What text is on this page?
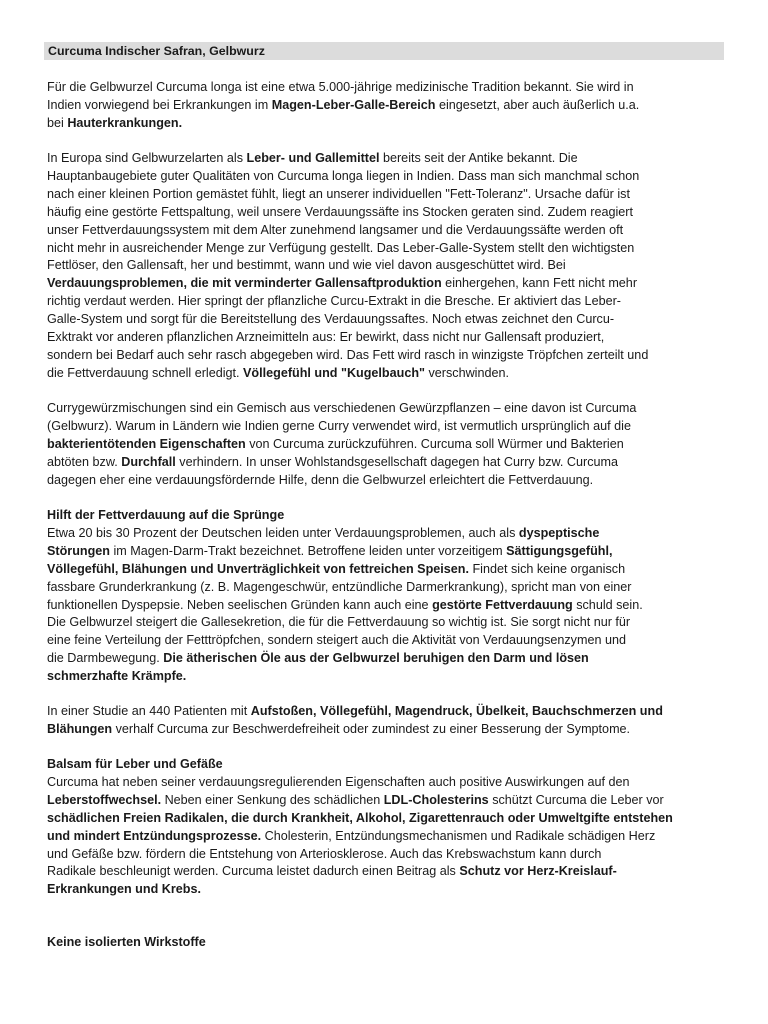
Curcuma Indischer Safran, Gelbwurz
Für die Gelbwurzel Curcuma longa ist eine etwa 5.000-jährige medizinische Tradition bekannt. Sie wird in
Indien vorwiegend bei Erkrankungen im Magen-Leber-Galle-Bereich eingesetzt, aber auch äußerlich u.a.
bei Hauterkrankungen.
In Europa sind Gelbwurzelarten als Leber- und Gallemittel bereits seit der Antike bekannt. Die
Hauptanbaugebiete guter Qualitäten von Curcuma longa liegen in Indien. Dass man sich manchmal schon
nach einer kleinen Portion gemästet fühlt, liegt an unserer individuellen "Fett-Toleranz". Ursache dafür ist
häufig eine gestörte Fettspaltung, weil unsere Verdauungssäfte ins Stocken geraten sind. Zudem reagiert
unser Fettverdauungssystem mit dem Alter zunehmend langsamer und die Verdauungssäfte werden oft
nicht mehr in ausreichender Menge zur Verfügung gestellt. Das Leber-Galle-System stellt den wichtigsten
Fettlöser, den Gallensaft, her und bestimmt, wann und wie viel davon ausgeschüttet wird. Bei
Verdauungsproblemen, die mit verminderter Gallensaftproduktion einhergehen, kann Fett nicht mehr
richtig verdaut werden. Hier springt der pflanzliche Curcu-Extrakt in die Bresche. Er aktiviert das Leber-
Galle-System und sorgt für die Bereitstellung des Verdauungssaftes. Noch etwas zeichnet den Curcu-
Exktrakt vor anderen pflanzlichen Arzneimitteln aus: Er bewirkt, dass nicht nur Gallensaft produziert,
sondern bei Bedarf auch sehr rasch abgegeben wird. Das Fett wird rasch in winzigste Tröpfchen zerteilt und
die Fettverdauung schnell erledigt. Völlegefühl und "Kugelbauch" verschwinden.
Currygewürzmischungen sind ein Gemisch aus verschiedenen Gewürzpflanzen – eine davon ist Curcuma
(Gelbwurz). Warum in Ländern wie Indien gerne Curry verwendet wird, ist vermutlich ursprünglich auf die
bakterientötenden Eigenschaften von Curcuma zurückzuführen. Curcuma soll Würmer und Bakterien
abtöten bzw. Durchfall verhindern. In unser Wohlstandsgesellschaft dagegen hat Curry bzw. Curcuma
dagegen eher eine verdauungsfördernde Hilfe, denn die Gelbwurzel erleichtert die Fettverdauung.
Hilft der Fettverdauung auf die Sprünge
Etwa 20 bis 30 Prozent der Deutschen leiden unter Verdauungsproblemen, auch als dyspeptische
Störungen im Magen-Darm-Trakt bezeichnet. Betroffene leiden unter vorzeitigem Sättigungsgefühl,
Völlegefühl, Blähungen und Unverträglichkeit von fettreichen Speisen. Findet sich keine organisch
fassbare Grunderkrankung (z. B. Magengeschwür, entzündliche Darmerkrankung), spricht man von einer
funktionellen Dyspepsie. Neben seelischen Gründen kann auch eine gestörte Fettverdauung schuld sein.
Die Gelbwurzel steigert die Gallesekretion, die für die Fettverdauung so wichtig ist. Sie sorgt nicht nur für
eine feine Verteilung der Fetttröpfchen, sondern steigert auch die Aktivität von Verdauungsenzymen und
die Darmbewegung. Die ätherischen Öle aus der Gelbwurzel beruhigen den Darm und lösen
schmerzhafte Krämpfe.
In einer Studie an 440 Patienten mit Aufstoßen, Völlegefühl, Magendruck, Übelkeit, Bauchschmerzen und
Blähungen verhalf Curcuma zur Beschwerdefreiheit oder zumindest zu einer Besserung der Symptome.
Balsam für Leber und Gefäße
Curcuma hat neben seiner verdauungsregulierenden Eigenschaften auch positive Auswirkungen auf den
Leberstoffwechsel. Neben einer Senkung des schädlichen LDL-Cholesterins schützt Curcuma die Leber vor
schädlichen Freien Radikalen, die durch Krankheit, Alkohol, Zigarettenrauch oder Umweltgifte entstehen
und mindert Entzündungsprozesse. Cholesterin, Entzündungsmechanismen und Radikale schädigen Herz
und Gefäße bzw. fördern die Entstehung von Arteriosklerose. Auch das Krebswachstum kann durch
Radikale beschleunigt werden. Curcuma leistet dadurch einen Beitrag als Schutz vor Herz-Kreislauf-
Erkrankungen und Krebs.
Keine isolierten Wirkstoffe
